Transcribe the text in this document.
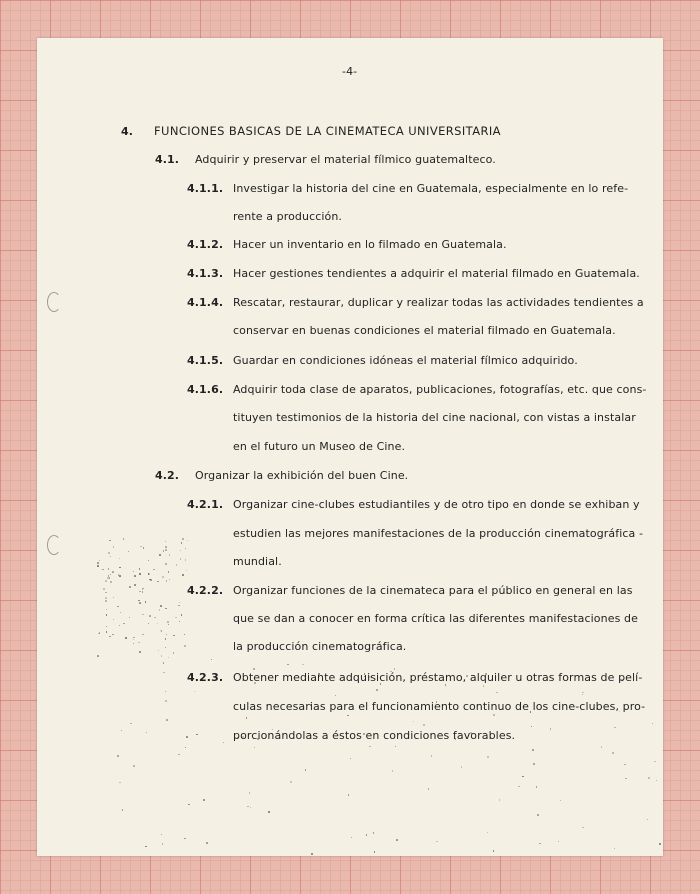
-4-
4. FUNCIONES BASICAS DE LA CINEMATECA UNIVERSITARIA
4.1. Adquirir y preservar el material fílmico guatemalteco.
4.1.1. Investigar la historia del cine en Guatemala, especialmente en lo refe-
rente a producción.
4.1.2. Hacer un inventario en lo filmado en Guatemala.
4.1.3. Hacer gestiones tendientes a adquirir el material filmado en Guatemala.
4.1.4. Rescatar, restaurar, duplicar y realizar todas las actividades tendientes a
conservar en buenas condiciones el material filmado en Guatemala.
4.1.5. Guardar en condiciones idóneas el material fílmico adquirido.
4.1.6. Adquirir toda clase de aparatos, publicaciones, fotografías, etc. que cons-
tituyen testimonios de la historia del cine nacional, con vistas a instalar
en el futuro un Museo de Cine.
4.2. Organizar la exhibición del buen Cine.
4.2.1. Organizar cine-clubes estudiantiles y de otro tipo en donde se exhiban y
estudien las mejores manifestaciones de la producción cinematográfica -
mundial.
4.2.2. Organizar funciones de la cinemateca para el público en general en las
que se dan a conocer en forma crítica las diferentes manifestaciones de
la producción cinematográfica.
4.2.3. Obtener mediante adquisición, préstamo, alquiler u otras formas de pelí-
culas necesarias para el funcionamiento continuo de los cine-clubes, pro-
porcionándolas a éstos en condiciones favorables.
